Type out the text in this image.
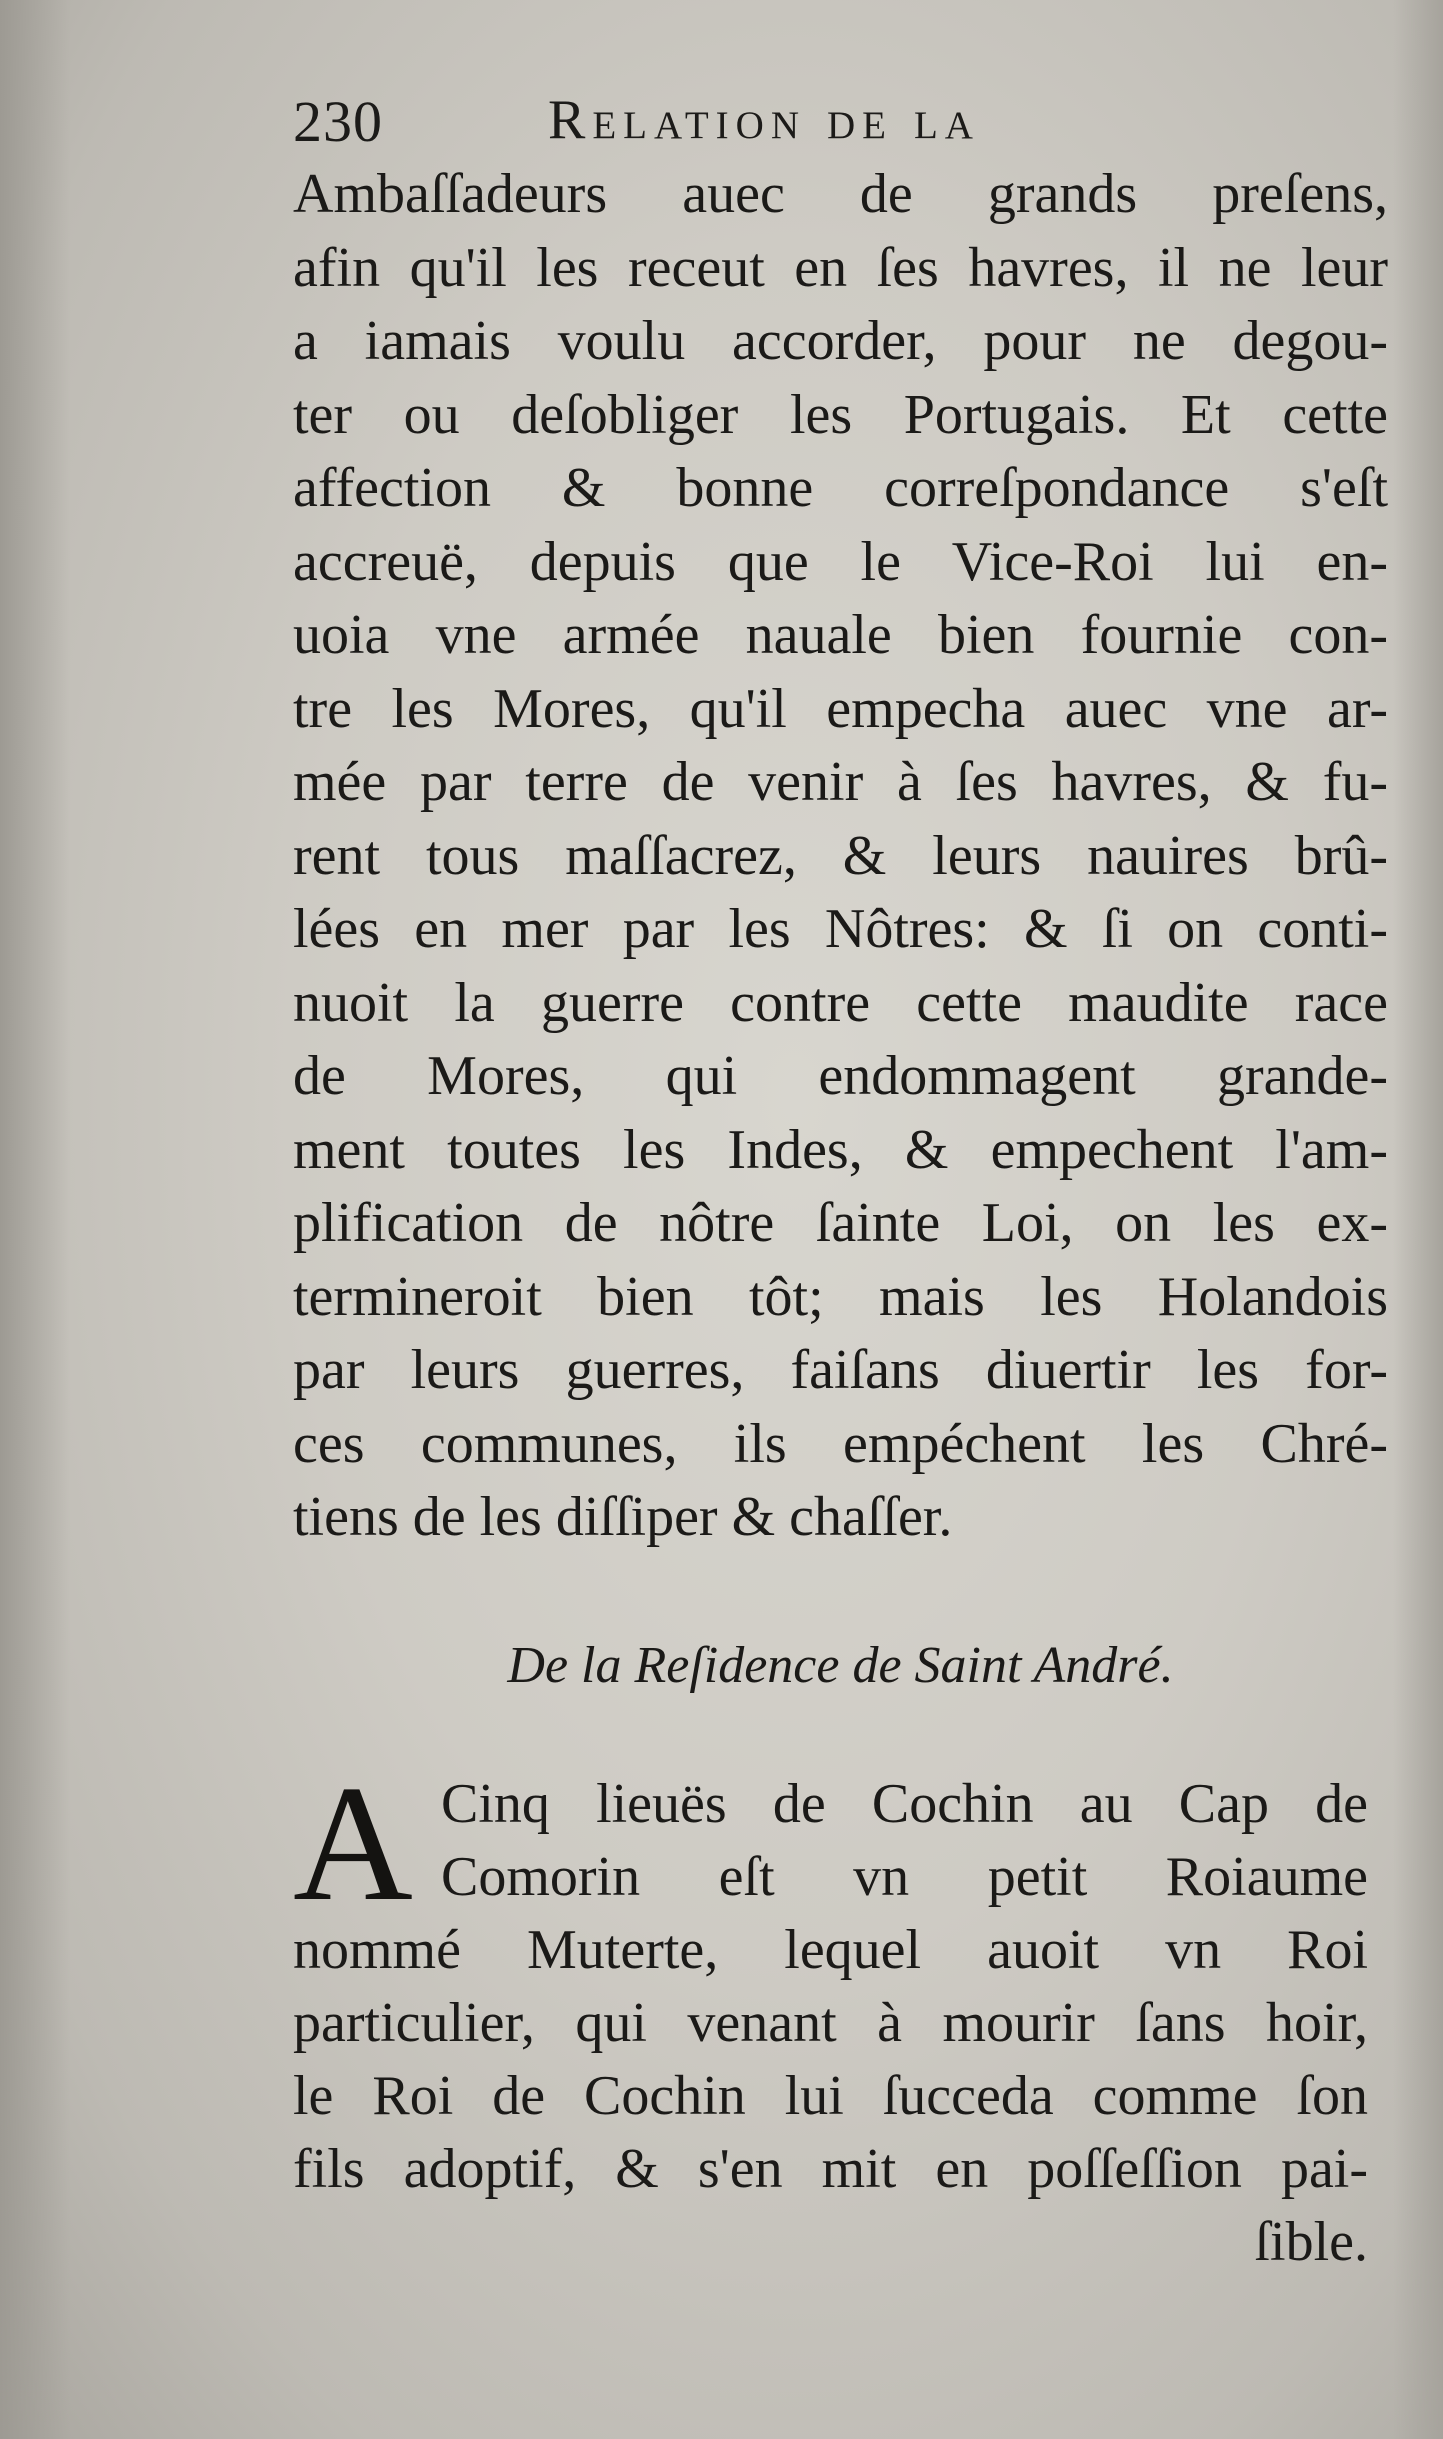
230	Relation de la
Ambaſſadeurs auec de grands preſens,
afin qu'il les receut en ſes havres, il ne leur
a iamais voulu accorder, pour ne degou-
ter ou deſobliger les Portugais. Et cette
affection & bonne correſpondance s'eſt
accreuë, depuis que le Vice-Roi lui en-
uoia vne armée nauale bien fournie con-
tre les Mores, qu'il empecha auec vne ar-
mée par terre de venir à ſes havres, & fu-
rent tous maſſacrez, & leurs nauires brû-
lées en mer par les Nôtres: & ſi on conti-
nuoit la guerre contre cette maudite race
de Mores, qui endommagent grande-
ment toutes les Indes, & empechent l'am-
plification de nôtre ſainte Loi, on les ex-
termineroit bien tôt; mais les Holandois
par leurs guerres, faiſans diuertir les for-
ces communes, ils empéchent les Chré-
tiens de les diſſiper & chaſſer.
De la Reſidence de Saint André.
A Cinq lieuës de Cochin au Cap de
Comorin eſt vn petit Roiaume
nommé Muterte, lequel auoit vn Roi
particulier, qui venant à mourir ſans hoir,
le Roi de Cochin lui ſucceda comme ſon
fils adoptif, & s'en mit en poſſeſſion pai-
ſible.
